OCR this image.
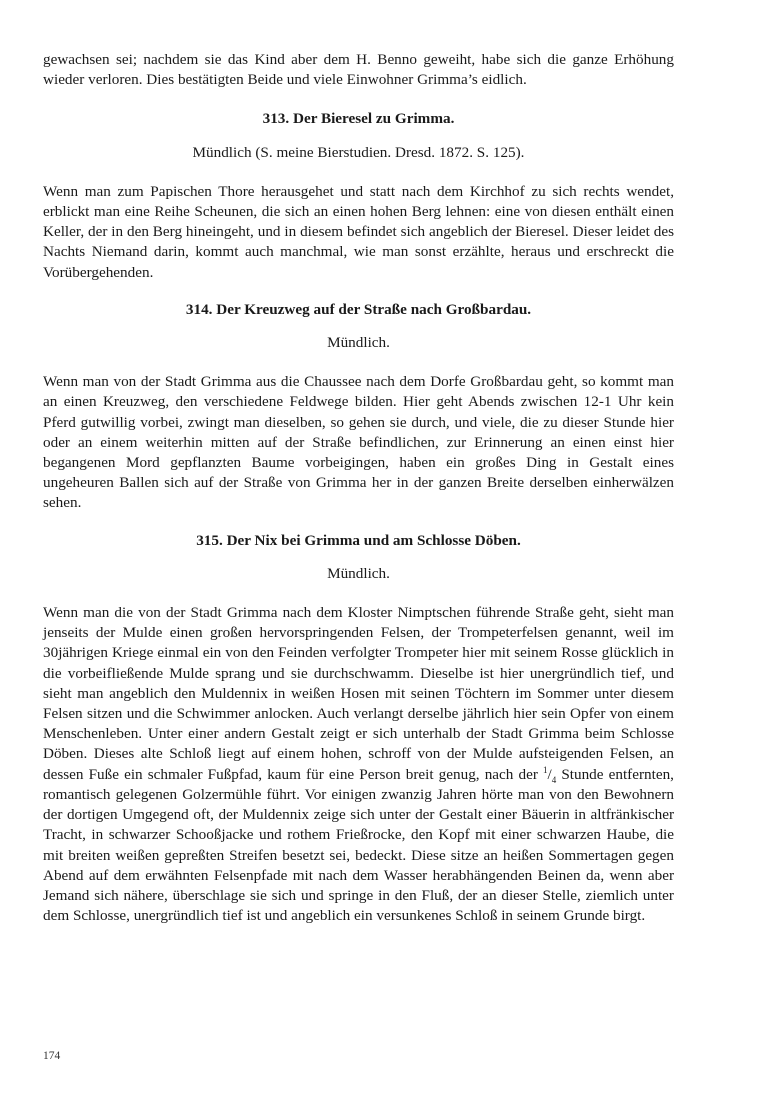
gewachsen sei; nachdem sie das Kind aber dem H. Benno geweiht, habe sich die ganze Erhöhung wieder verloren. Dies bestätigten Beide und viele Einwohner Grimma’s eidlich.

313. Der Bieresel zu Grimma.

Mündlich (S. meine Bierstudien. Dresd. 1872. S. 125).

Wenn man zum Papischen Thore herausgehet und statt nach dem Kirchhof zu sich rechts wendet, erblickt man eine Reihe Scheunen, die sich an einen hohen Berg lehnen: eine von diesen enthält einen Keller, der in den Berg hineingeht, und in diesem befindet sich angeblich der Bieresel. Dieser leidet des Nachts Niemand darin, kommt auch manchmal, wie man sonst erzählte, heraus und erschreckt die Vorübergehenden.

314. Der Kreuzweg auf der Straße nach Großbardau.

Mündlich.

Wenn man von der Stadt Grimma aus die Chaussee nach dem Dorfe Großbardau geht, so kommt man an einen Kreuzweg, den verschiedene Feldwege bilden. Hier geht Abends zwischen 12-1 Uhr kein Pferd gutwillig vorbei, zwingt man dieselben, so gehen sie durch, und viele, die zu dieser Stunde hier oder an einem weiterhin mitten auf der Straße befindlichen, zur Erinnerung an einen einst hier begangenen Mord gepflanzten Baume vorbeigingen, haben ein großes Ding in Gestalt eines ungeheuren Ballen sich auf der Straße von Grimma her in der ganzen Breite derselben einherwälzen sehen.

315. Der Nix bei Grimma und am Schlosse Döben.

Mündlich.

Wenn man die von der Stadt Grimma nach dem Kloster Nimptschen führende Straße geht, sieht man jenseits der Mulde einen großen hervorspringenden Felsen, der Trompeterfelsen genannt, weil im 30jährigen Kriege einmal ein von den Feinden verfolgter Trompeter hier mit seinem Rosse glücklich in die vorbeifließende Mulde sprang und sie durchschwamm. Dieselbe ist hier unergründlich tief, und sieht man angeblich den Muldennix in weißen Hosen mit seinen Töchtern im Sommer unter diesem Felsen sitzen und die Schwimmer anlocken. Auch verlangt derselbe jährlich hier sein Opfer von einem Menschenleben. Unter einer andern Gestalt zeigt er sich unterhalb der Stadt Grimma beim Schlosse Döben. Dieses alte Schloß liegt auf einem hohen, schroff von der Mulde aufsteigenden Felsen, an dessen Fuße ein schmaler Fußpfad, kaum für eine Person breit genug, nach der $^1/_4$ Stunde entfernten, romantisch gelegenen Golzermühle führt. Vor einigen zwanzig Jahren hörte man von den Bewohnern der dortigen Umgegend oft, der Muldennix zeige sich unter der Gestalt einer Bäuerin in altfränkischer Tracht, in schwarzer Schooßjacke und rothem Frießrocke, den Kopf mit einer schwarzen Haube, die mit breiten weißen gepreßten Streifen besetzt sei, bedeckt. Diese sitze an heißen Sommertagen gegen Abend auf dem erwähnten Felsenpfade mit nach dem Wasser herabhängenden Beinen da, wenn aber Jemand sich nähere, überschlage sie sich und springe in den Fluß, der an dieser Stelle, ziemlich unter dem Schlosse, unergründlich tief ist und angeblich ein versunkenes Schloß in seinem Grunde birgt.

174
